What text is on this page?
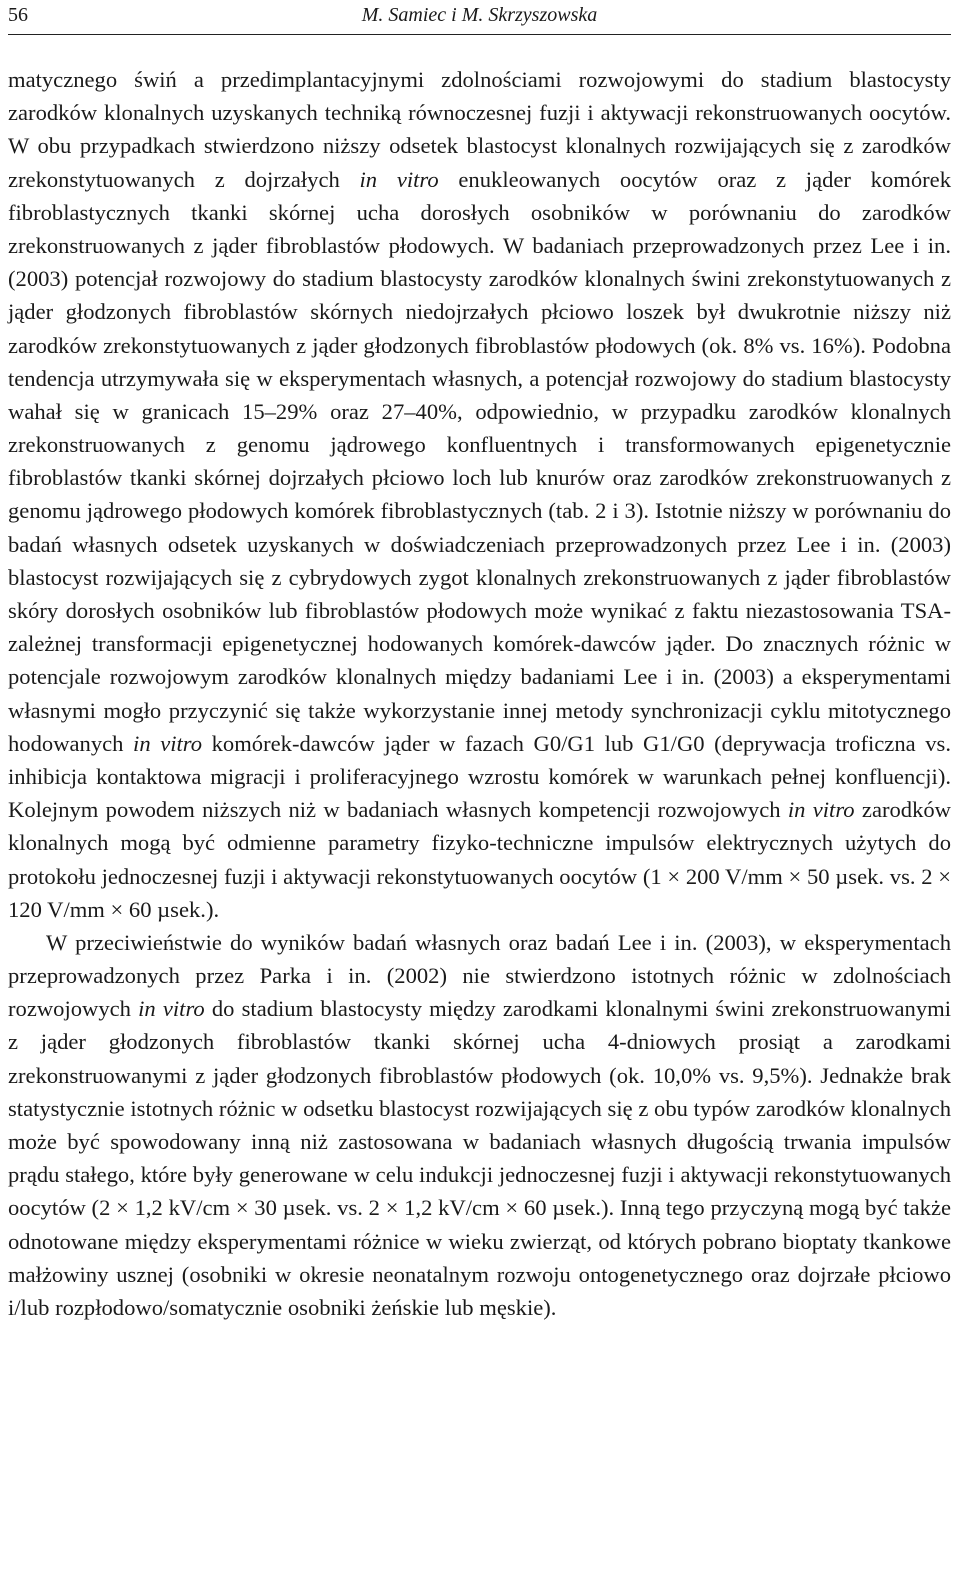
56	M. Samiec i M. Skrzyszowska

matycznego świń a przedimplantacyjnymi zdolnościami rozwojowymi do stadium blastocysty zarodków klonalnych uzyskanych techniką równoczesnej fuzji i aktywacji rekonstruowanych oocytów. W obu przypadkach stwierdzono niższy odsetek blastocyst klonalnych rozwijających się z zarodków zrekonstytuowanych z dojrzałych in vitro enukleowanych oocytów oraz z jąder komórek fibroblastycznych tkanki skórnej ucha dorosłych osobników w porównaniu do zarodków zrekonstruowanych z jąder fibroblastów płodowych. W badaniach przeprowadzonych przez Lee i in. (2003) potencjał rozwojowy do stadium blastocysty zarodków klonalnych świni zrekonstytuowanych z jąder głodzonych fibroblastów skórnych niedojrzałych płciowo loszek był dwukrotnie niższy niż zarodków zrekonstytuowanych z jąder głodzonych fibroblastów płodowych (ok. 8% vs. 16%). Podobna tendencja utrzymywała się w eksperymentach własnych, a potencjał rozwojowy do stadium blastocysty wahał się w granicach 15–29% oraz 27–40%, odpowiednio, w przypadku zarodków klonalnych zrekonstruowanych z genomu jądrowego konfluentnych i transformowanych epigenetycznie fibroblastów tkanki skórnej dojrzałych płciowo loch lub knurów oraz zarodków zrekonstruowanych z genomu jądrowego płodowych komórek fibroblastycznych (tab. 2 i 3). Istotnie niższy w porównaniu do badań własnych odsetek uzyskanych w doświadczeniach przeprowadzonych przez Lee i in. (2003) blastocyst rozwijających się z cybrydowych zygot klonalnych zrekonstruowanych z jąder fibroblastów skóry dorosłych osobników lub fibroblastów płodowych może wynikać z faktu niezastosowania TSA-zależnej transformacji epigenetycznej hodowanych komórek-dawców jąder. Do znacznych różnic w potencjale rozwojowym zarodków klonalnych między badaniami Lee i in. (2003) a eksperymentami własnymi mogło przyczynić się także wykorzystanie innej metody synchronizacji cyklu mitotycznego hodowanych in vitro komórek-dawców jąder w fazach G0/G1 lub G1/G0 (deprywacja troficzna vs. inhibicja kontaktowa migracji i proliferacyjnego wzrostu komórek w warunkach pełnej konfluencji). Kolejnym powodem niższych niż w badaniach własnych kompetencji rozwojowych in vitro zarodków klonalnych mogą być odmienne parametry fizyko-techniczne impulsów elektrycznych użytych do protokołu jednoczesnej fuzji i aktywacji rekonstytuowanych oocytów (1 × 200 V/mm × 50 µsek. vs. 2 × 120 V/mm × 60 µsek.).

W przeciwieństwie do wyników badań własnych oraz badań Lee i in. (2003), w eksperymentach przeprowadzonych przez Parka i in. (2002) nie stwierdzono istotnych różnic w zdolnościach rozwojowych in vitro do stadium blastocysty między zarodkami klonalnymi świni zrekonstruowanymi z jąder głodzonych fibroblastów tkanki skórnej ucha 4-dniowych prosiąt a zarodkami zrekonstruowanymi z jąder głodzonych fibroblastów płodowych (ok. 10,0% vs. 9,5%). Jednakże brak statystycznie istotnych różnic w odsetku blastocyst rozwijających się z obu typów zarodków klonalnych może być spowodowany inną niż zastosowana w badaniach własnych długością trwania impulsów prądu stałego, które były generowane w celu indukcji jednoczesnej fuzji i aktywacji rekonstytuowanych oocytów (2 × 1,2 kV/cm × 30 µsek. vs. 2 × 1,2 kV/cm × 60 µsek.). Inną tego przyczyną mogą być także odnotowane między eksperymentami różnice w wieku zwierząt, od których pobrano bioptaty tkankowe małżowiny usznej (osobniki w okresie neonatalnym rozwoju ontogenetycznego oraz dojrzałe płciowo i/lub rozpłodowo/somatycznie osobniki żeńskie lub męskie).
